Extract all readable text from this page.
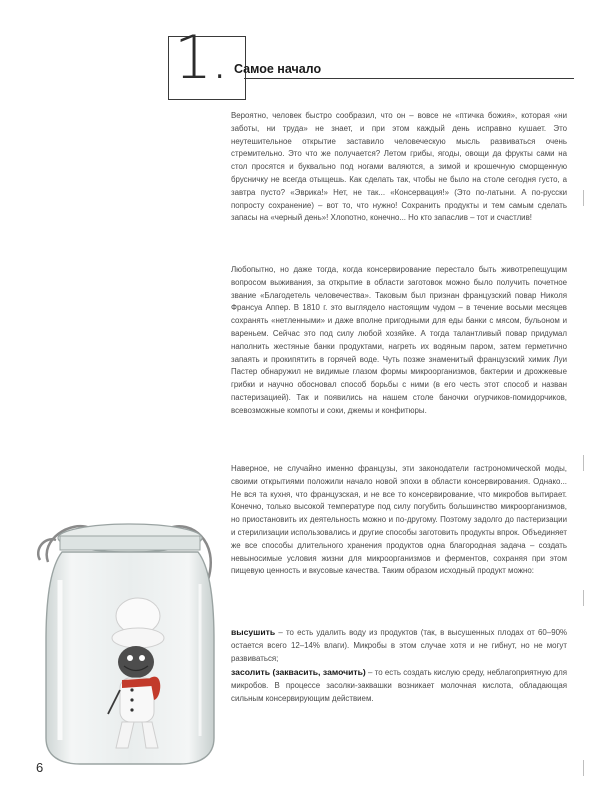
1. Самое начало

Вероятно, человек быстро сообразил, что он – вовсе не «птичка божия», которая «ни заботы, ни труда» не знает, и при этом каждый день исправно кушает. Это неутешительное открытие заставило человеческую мысль развиваться очень стремительно. Это что же получается? Летом грибы, ягоды, овощи да фрукты сами на стол просятся и буквально под ногами валяются, а зимой и крошечную сморщенную брусничку не всегда отыщешь. Как сделать так, чтобы не было на столе сегодня густо, а завтра пусто? «Эврика!» Нет, не так... «Консервация!» (Это по-латыни. А по-русски попросту сохранение) – вот то, что нужно! Сохранить продукты и тем самым сделать запасы на «черный день»! Хлопотно, конечно... Но кто запаслив – тот и счастлив!

Любопытно, но даже тогда, когда консервирование перестало быть животрепещущим вопросом выживания, за открытие в области заготовок можно было получить почетное звание «Благодетель человечества». Таковым был признан французский повар Николя Франсуа Аппер. В 1810 г. это выглядело настоящим чудом – в течение восьми месяцев сохранять «нетленными» и даже вполне пригодными для еды банки с мясом, бульоном и вареньем. Сейчас это под силу любой хозяйке. А тогда талантливый повар придумал наполнить жестяные банки продуктами, нагреть их водяным паром, затем герметично запаять и прокипятить в горячей воде. Чуть позже знаменитый французский химик Луи Пастер обнаружил не видимые глазом формы микроорганизмов, бактерии и дрожжевые грибки и научно обосновал способ борьбы с ними (в его честь этот способ и назван пастеризацией). Так и появились на нашем столе баночки огурчиков-помидорчиков, всевозможные компоты и соки, джемы и конфитюры.

Наверное, не случайно именно французы, эти законодатели гастрономической моды, своими открытиями положили начало новой эпохи в области консервирования. Однако... Не вся та кухня, что французская, и не все то консервирование, что микробов вытирает. Конечно, только высокой температуре под силу погубить большинство микроорганизмов, но приостановить их деятельность можно и по-другому. Поэтому задолго до пастеризации и стерилизации использовались и другие способы заготовить продукты впрок. Объединяет же все способы длительного хранения продуктов одна благородная задача – создать невыносимые условия жизни для микроорганизмов и ферментов, сохраняя при этом пищевую ценность и вкусовые качества. Таким образом исходный продукт можно:

высушить – то есть удалить воду из продуктов (так, в высушенных плодах от 60–90% остается всего 12–14% влаги). Микробы в этом случае хотя и не гибнут, но не могут развиваться;

засолить (заквасить, замочить) – то есть создать кислую среду, неблагоприятную для микробов. В процессе засолки-заквашки возникает молочная кислота, обладающая сильным консервирующим действием.

6
